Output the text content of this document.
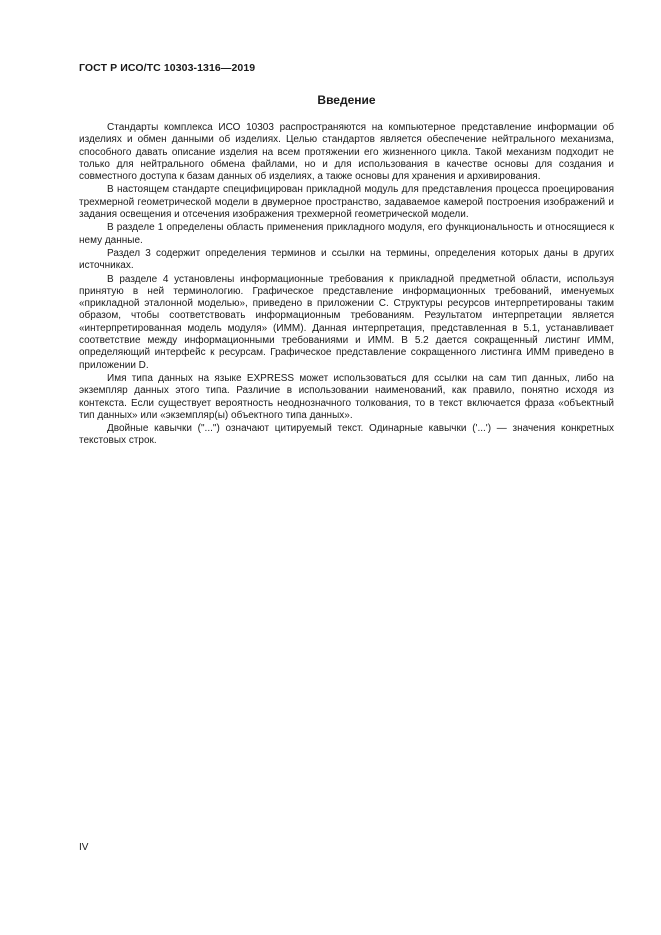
ГОСТ Р ИСО/ТС 10303-1316—2019
Введение

Стандарты комплекса ИСО 10303 распространяются на компьютерное представление информации об изделиях и обмен данными об изделиях. Целью стандартов является обеспечение нейтрального механизма, способного давать описание изделия на всем протяжении его жизненного цикла. Такой механизм подходит не только для нейтрального обмена файлами, но и для использования в качестве основы для создания и совместного доступа к базам данных об изделиях, а также основы для хранения и архивирования.

В настоящем стандарте специфицирован прикладной модуль для представления процесса проецирования трехмерной геометрической модели в двумерное пространство, задаваемое камерой построения изображений и задания освещения и отсечения изображения трехмерной геометрической модели.

В разделе 1 определены область применения прикладного модуля, его функциональность и относящиеся к нему данные.

Раздел 3 содержит определения терминов и ссылки на термины, определения которых даны в других источниках.

В разделе 4 установлены информационные требования к прикладной предметной области, используя принятую в ней терминологию. Графическое представление информационных требований, именуемых «прикладной эталонной моделью», приведено в приложении С. Структуры ресурсов интерпретированы таким образом, чтобы соответствовать информационным требованиям. Результатом интерпретации является «интерпретированная модель модуля» (ИММ). Данная интерпретация, представленная в 5.1, устанавливает соответствие между информационными требованиями и ИММ. В 5.2 дается сокращенный листинг ИММ, определяющий интерфейс к ресурсам. Графическое представление сокращенного листинга ИММ приведено в приложении D.

Имя типа данных на языке EXPRESS может использоваться для ссылки на сам тип данных, либо на экземпляр данных этого типа. Различие в использовании наименований, как правило, понятно исходя из контекста. Если существует вероятность неоднозначного толкования, то в текст включается фраза «объектный тип данных» или «экземпляр(ы) объектного типа данных».

Двойные кавычки ("...") означают цитируемый текст. Одинарные кавычки ('...') — значения конкретных текстовых строк.

IV
